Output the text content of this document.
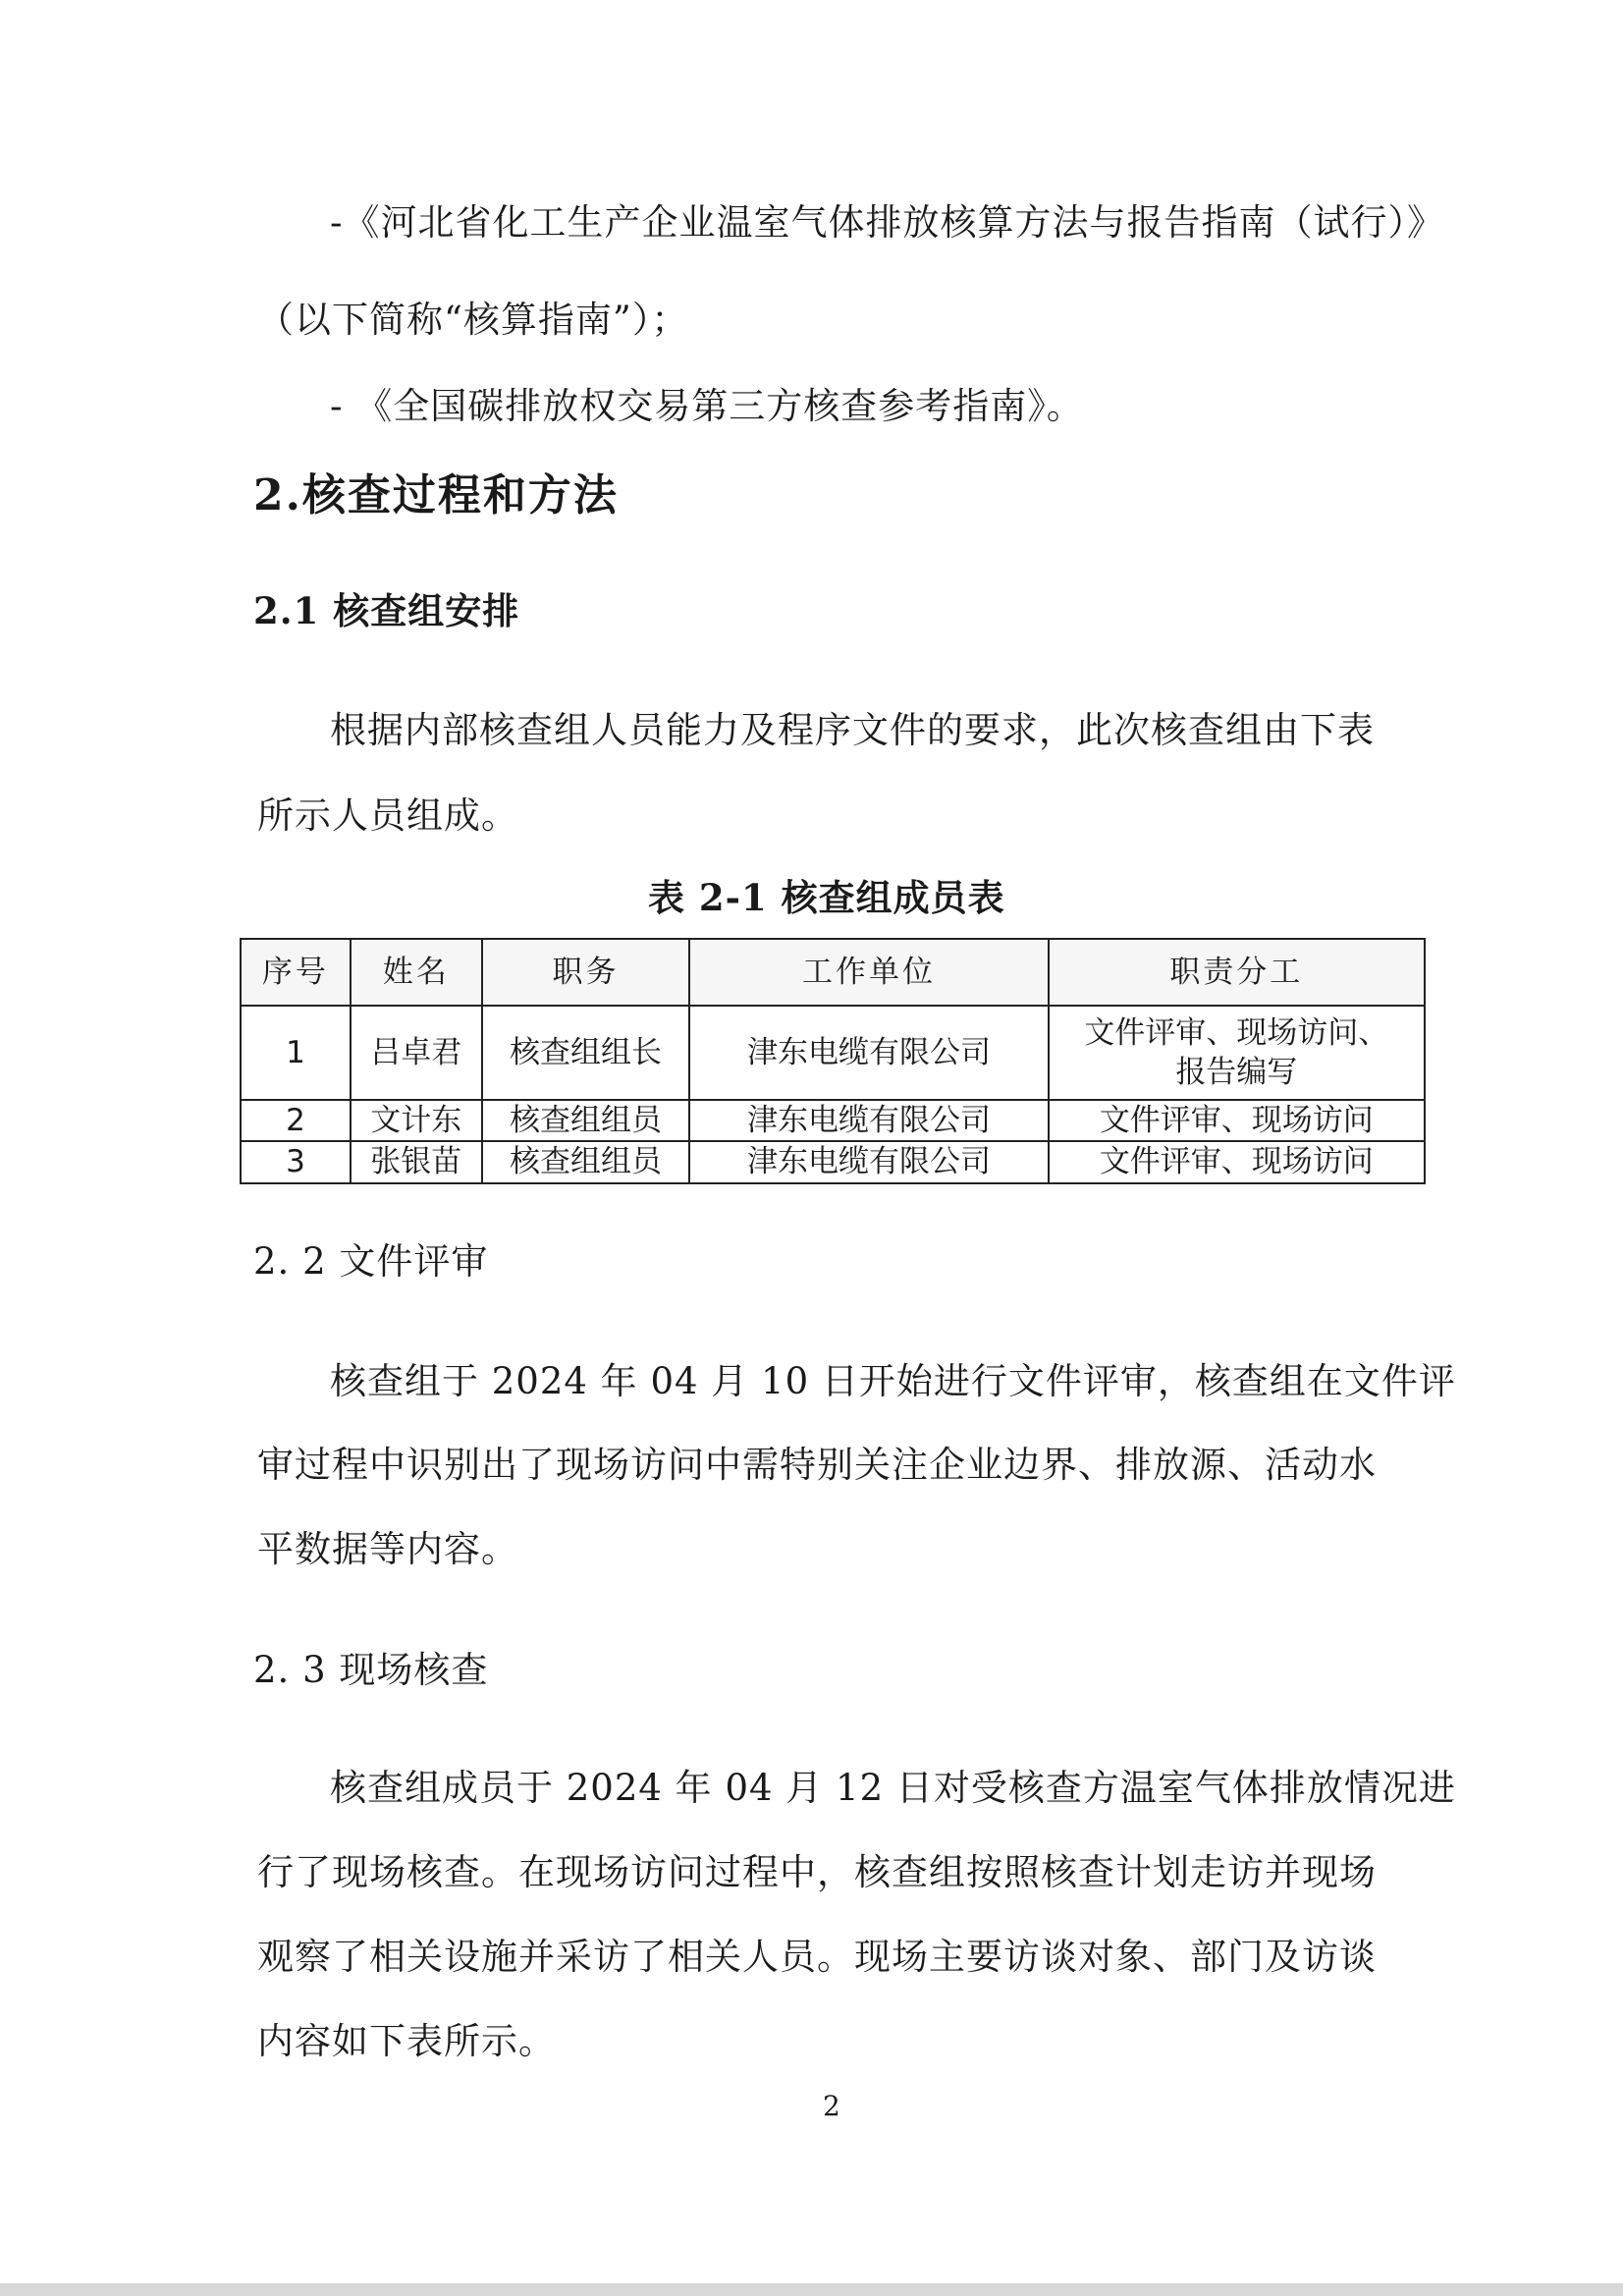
-《河北省化工生产企业温室气体排放核算方法与报告指南（试行）》
（以下简称“核算指南”）；
- 《全国碳排放权交易第三方核查参考指南》。
2.核查过程和方法
2.1 核查组安排
根据内部核查组人员能力及程序文件的要求，此次核查组由下表
所示人员组成。
表 2-1 核查组成员表
序号	姓名	职务	工作单位	职责分工
1	吕卓君	核查组组长	津东电缆有限公司	文件评审、现场访问、
报告编写

2	文计东	核查组组员	津东电缆有限公司	文件评审、现场访问
3	张银苗	核查组组员	津东电缆有限公司	文件评审、现场访问
2. 2 文件评审
核查组于 2024 年 04 月 10 日开始进行文件评审，核查组在文件评
审过程中识别出了现场访问中需特别关注企业边界、排放源、活动水
平数据等内容。
2. 3 现场核查
核查组成员于 2024 年 04 月 12 日对受核查方温室气体排放情况进
行了现场核查。在现场访问过程中，核查组按照核查计划走访并现场
观察了相关设施并采访了相关人员。现场主要访谈对象、部门及访谈
内容如下表所示。
2
